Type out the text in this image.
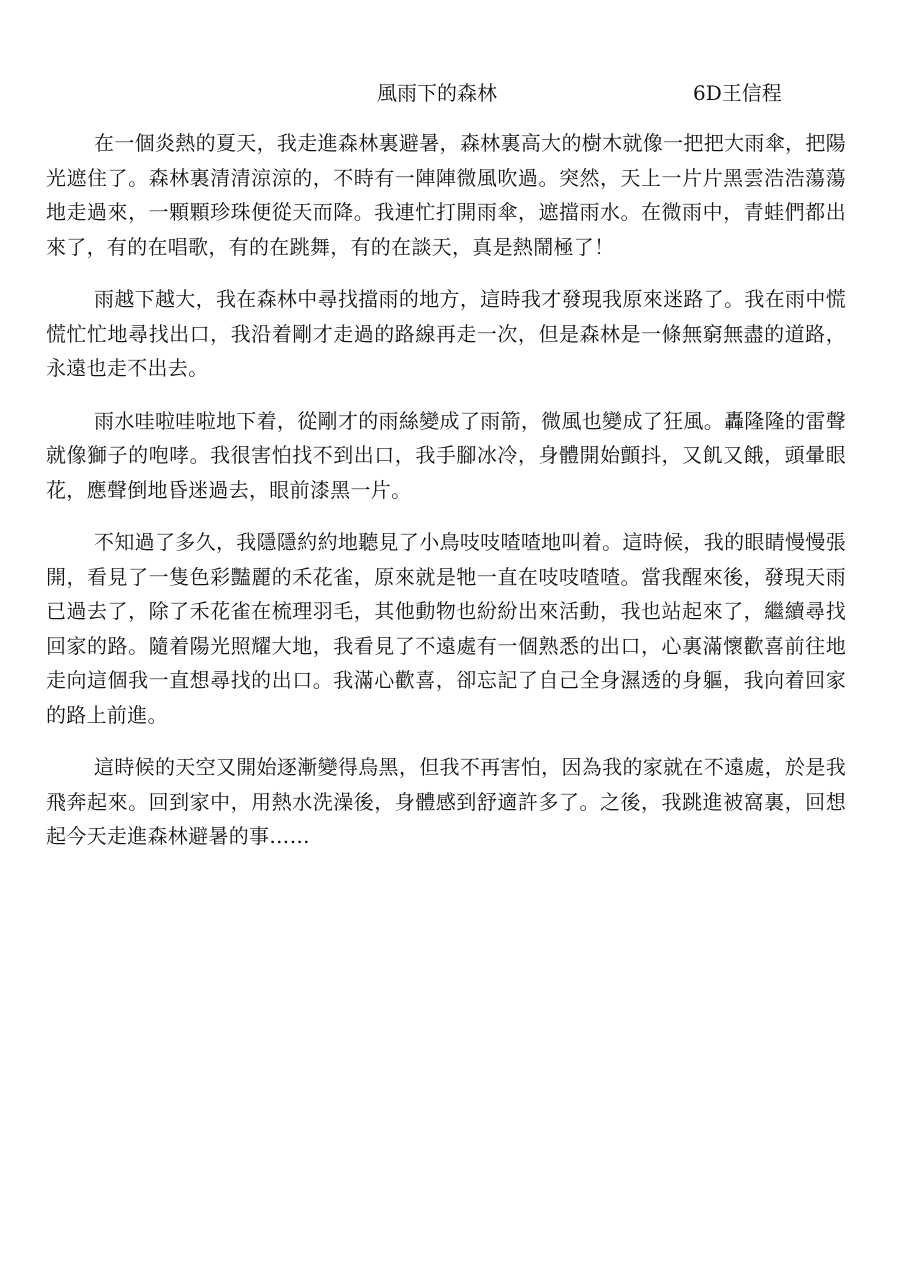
風雨下的森林	6D王信程

在一個炎熱的夏天，我走進森林裏避暑，森林裏高大的樹木就像一把把大雨傘，把陽光遮住了。森林裏清清涼涼的，不時有一陣陣微風吹過。突然，天上一片片黑雲浩浩蕩蕩地走過來，一顆顆珍珠便從天而降。我連忙打開雨傘，遮擋雨水。在微雨中，青蛙們都出來了，有的在唱歌，有的在跳舞，有的在談天，真是熱鬧極了！

雨越下越大，我在森林中尋找擋雨的地方，這時我才發現我原來迷路了。我在雨中慌慌忙忙地尋找出口，我沿着剛才走過的路線再走一次，但是森林是一條無窮無盡的道路，永遠也走不出去。

雨水哇啦哇啦地下着，從剛才的雨絲變成了雨箭，微風也變成了狂風。轟隆隆的雷聲就像獅子的咆哮。我很害怕找不到出口，我手腳冰冷，身體開始顫抖，又飢又餓，頭暈眼花，應聲倒地昏迷過去，眼前漆黑一片。

不知過了多久，我隱隱約約地聽見了小鳥吱吱喳喳地叫着。這時候，我的眼睛慢慢張開，看見了一隻色彩豔麗的禾花雀，原來就是牠一直在吱吱喳喳。當我醒來後，發現天雨已過去了，除了禾花雀在梳理羽毛，其他動物也紛紛出來活動，我也站起來了，繼續尋找回家的路。隨着陽光照耀大地，我看見了不遠處有一個熟悉的出口，心裏滿懷歡喜前往地走向這個我一直想尋找的出口。我滿心歡喜，卻忘記了自己全身濕透的身軀，我向着回家的路上前進。

這時候的天空又開始逐漸變得烏黑，但我不再害怕，因為我的家就在不遠處，於是我飛奔起來。回到家中，用熱水洗澡後，身體感到舒適許多了。之後，我跳進被窩裏，回想起今天走進森林避暑的事……
